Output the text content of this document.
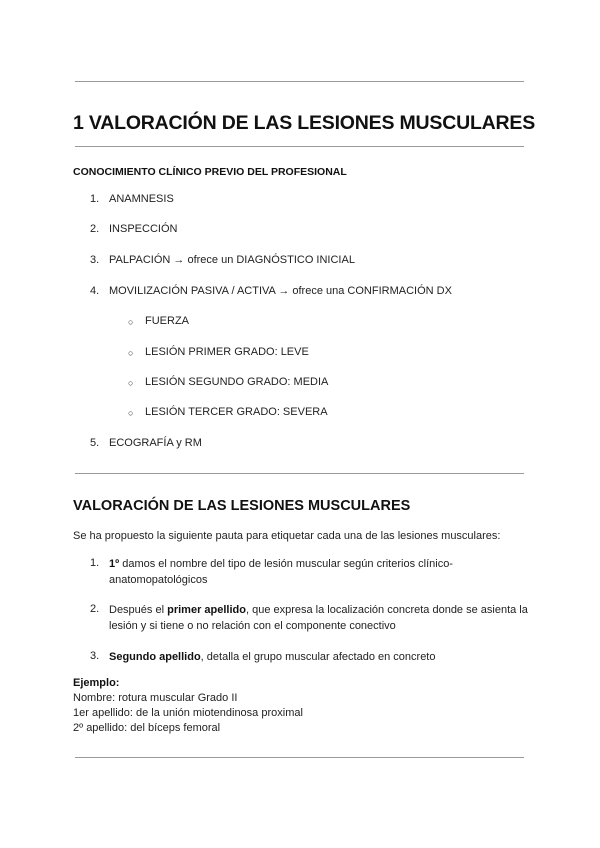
1 VALORACIÓN DE LAS LESIONES MUSCULARES
CONOCIMIENTO CLÍNICO PREVIO DEL PROFESIONAL
1. ANAMNESIS
2. INSPECCIÓN
3. PALPACIÓN → ofrece un DIAGNÓSTICO INICIAL
4. MOVILIZACIÓN PASIVA / ACTIVA → ofrece una CONFIRMACIÓN DX
○ FUERZA
○ LESIÓN PRIMER GRADO: LEVE
○ LESIÓN SEGUNDO GRADO: MEDIA
○ LESIÓN TERCER GRADO: SEVERA
5. ECOGRAFÍA y RM
VALORACIÓN DE LAS LESIONES MUSCULARES
Se ha propuesto la siguiente pauta para etiquetar cada una de las lesiones musculares:
1. 1º damos el nombre del tipo de lesión muscular según criterios clínico-anatomopatológicos
2. Después el primer apellido, que expresa la localización concreta donde se asienta la lesión y si tiene o no relación con el componente conectivo
3. Segundo apellido, detalla el grupo muscular afectado en concreto
Ejemplo:
Nombre: rotura muscular Grado II
1er apellido: de la unión miotendinosa proximal
2º apellido: del bíceps femoral
